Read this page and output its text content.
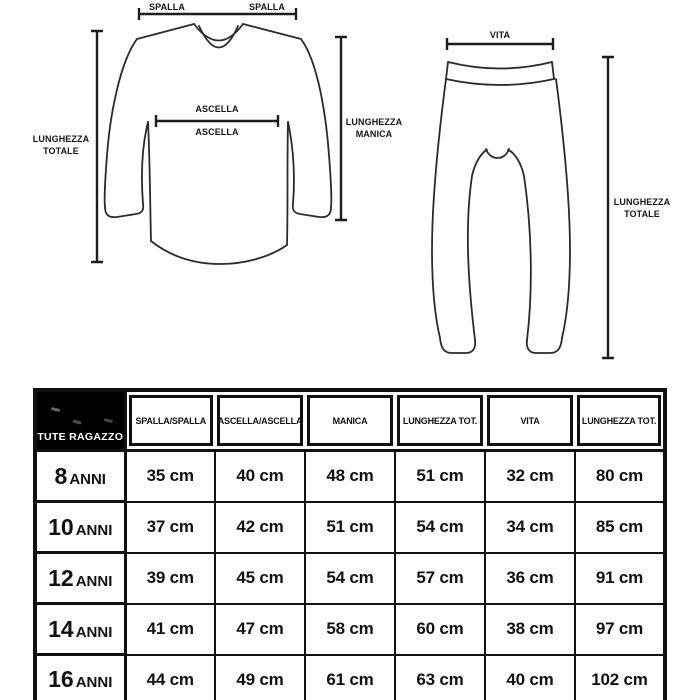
SPALLA	SPALLA
LUNGHEZZA TOTALE
ASCELLA
ASCELLA
LUNGHEZZA MANICA
VITA
LUNGHEZZA TOTALE
TUTE RAGAZZO	SPALLA/SPALLA	ASCELLA/ASCELLA	MANICA	LUNGHEZZA TOT.	VITA	LUNGHEZZA TOT.

8 ANNI	35 cm	40 cm	48 cm	51 cm	32 cm	80 cm
10 ANNI	37 cm	42 cm	51 cm	54 cm	34 cm	85 cm
12 ANNI	39 cm	45 cm	54 cm	57 cm	36 cm	91 cm
14 ANNI	41 cm	47 cm	58 cm	60 cm	38 cm	97 cm
16 ANNI	44 cm	49 cm	61 cm	63 cm	40 cm	102 cm
